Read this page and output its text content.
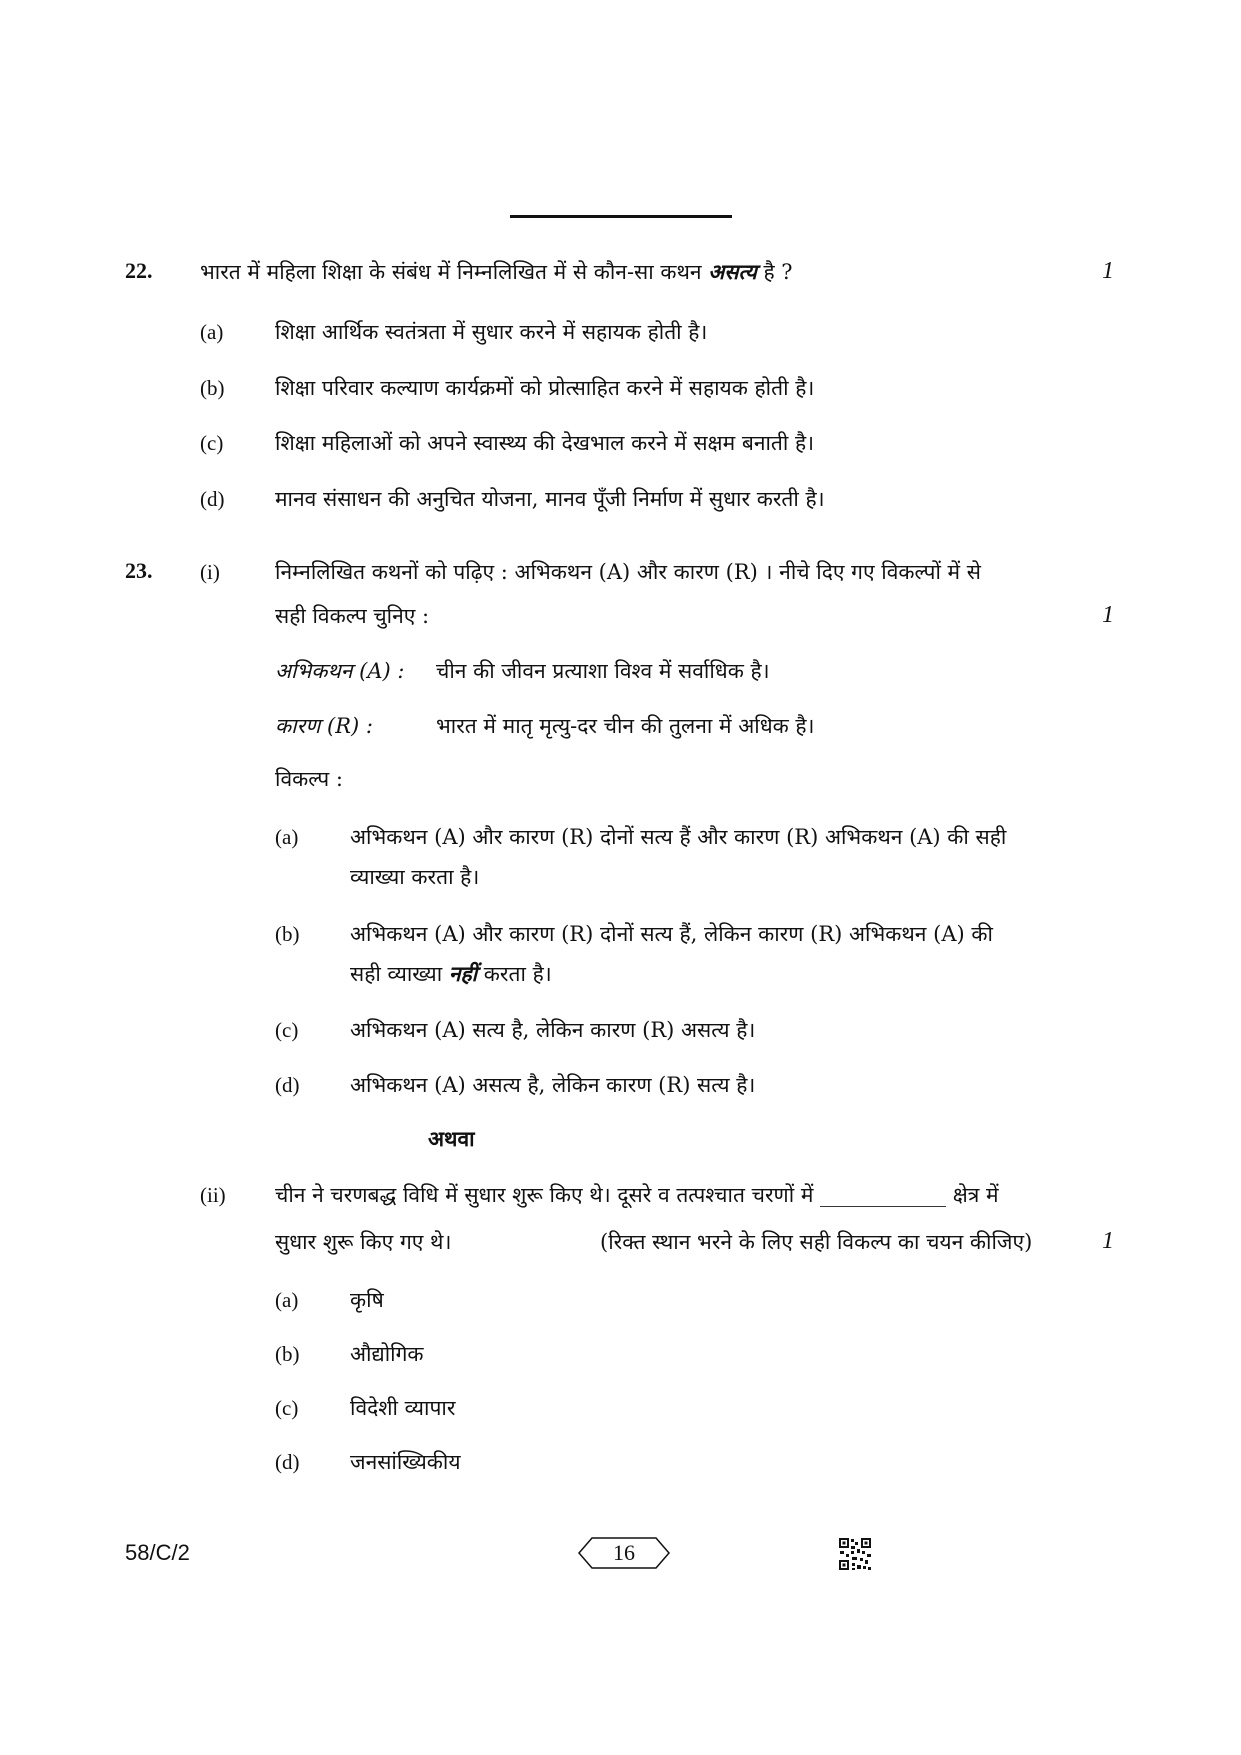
22. भारत में महिला शिक्षा के संबंध में निम्नलिखित में से कौन-सा कथन असत्य है ?	1
(a) शिक्षा आर्थिक स्वतंत्रता में सुधार करने में सहायक होती है।
(b) शिक्षा परिवार कल्याण कार्यक्रमों को प्रोत्साहित करने में सहायक होती है।
(c) शिक्षा महिलाओं को अपने स्वास्थ्य की देखभाल करने में सक्षम बनाती है।
(d) मानव संसाधन की अनुचित योजना, मानव पूँजी निर्माण में सुधार करती है।
23. (i)	निम्नलिखित कथनों को पढ़िए : अभिकथन (A) और कारण (R) । नीचे दिए गए विकल्पों में से
सही विकल्प चुनिए :	1
अभिकथन (A) : चीन की जीवन प्रत्याशा विश्व में सर्वाधिक है।
कारण (R) :	भारत में मातृ मृत्यु-दर चीन की तुलना में अधिक है।
विकल्प :
(a) अभिकथन (A) और कारण (R) दोनों सत्य हैं और कारण (R) अभिकथन (A) की सही
व्याख्या करता है।
(b) अभिकथन (A) और कारण (R) दोनों सत्य हैं, लेकिन कारण (R) अभिकथन (A) की
सही व्याख्या नहीं करता है।
(c) अभिकथन (A) सत्य है, लेकिन कारण (R) असत्य है।
(d) अभिकथन (A) असत्य है, लेकिन कारण (R) सत्य है।
अथवा
(ii) चीन ने चरणबद्ध विधि में सुधार शुरू किए थे। दूसरे व तत्पश्चात चरणों में ____________ क्षेत्र में
सुधार शुरू किए गए थे।	(रिक्त स्थान भरने के लिए सही विकल्प का चयन कीजिए)	1
(a) कृषि
(b) औद्योगिक
(c) विदेशी व्यापार
(d) जनसांख्यिकीय
58/C/2	16
